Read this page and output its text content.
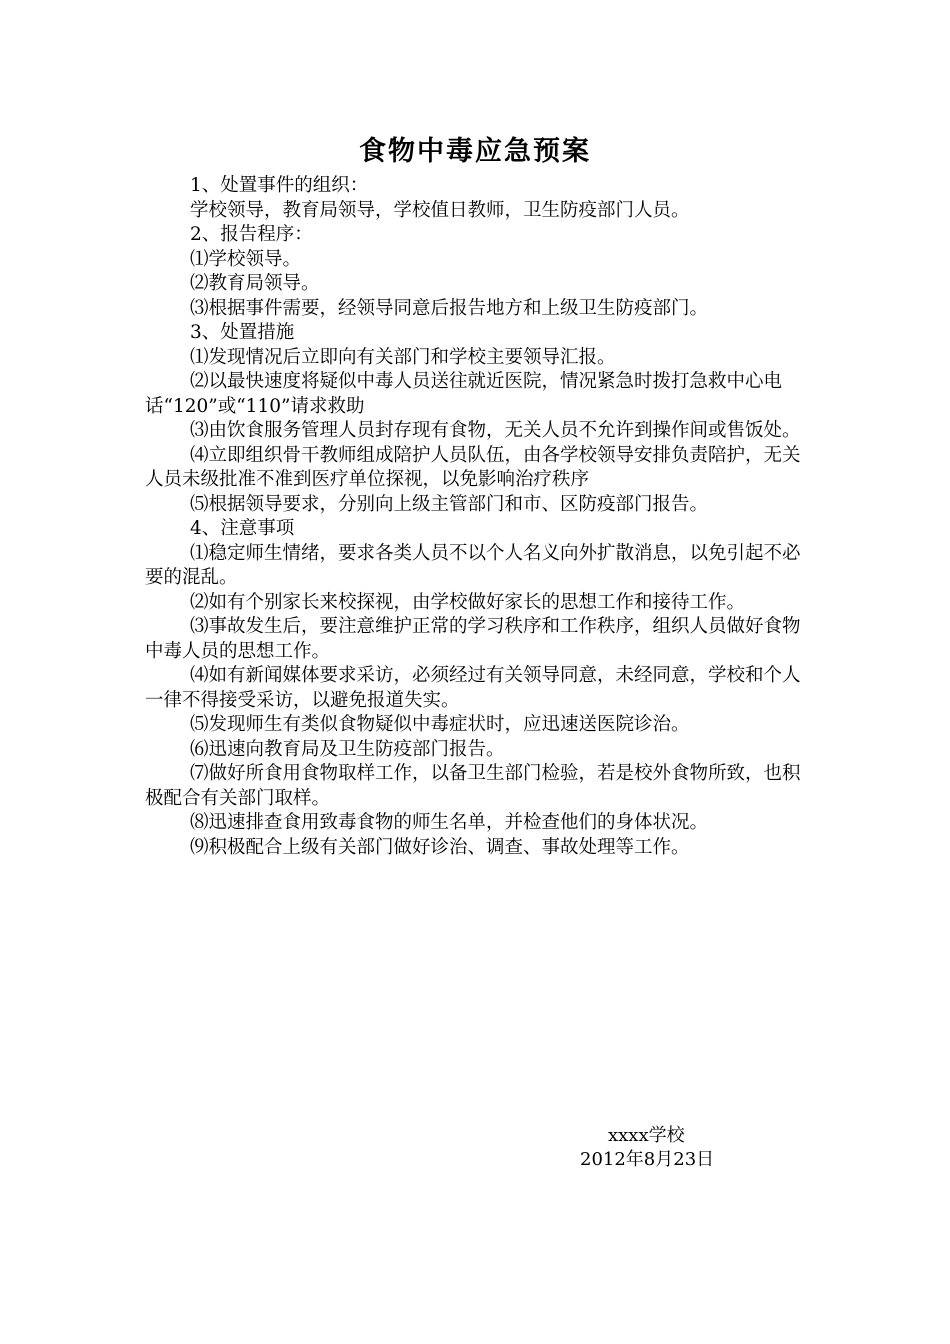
食物中毒应急预案

1、处置事件的组织：

学校领导，教育局领导，学校值日教师，卫生防疫部门人员。

2、报告程序：

⑴学校领导。

⑵教育局领导。

⑶根据事件需要，经领导同意后报告地方和上级卫生防疫部门。

3、处置措施

⑴发现情况后立即向有关部门和学校主要领导汇报。

⑵以最快速度将疑似中毒人员送往就近医院，情况紧急时拨打急救中心电话“120”或“110”请求救助

⑶由饮食服务管理人员封存现有食物，无关人员不允许到操作间或售饭处。

⑷立即组织骨干教师组成陪护人员队伍，由各学校领导安排负责陪护，无关人员未级批准不准到医疗单位探视，以免影响治疗秩序

⑸根据领导要求，分别向上级主管部门和市、区防疫部门报告。

4、注意事项

⑴稳定师生情绪，要求各类人员不以个人名义向外扩散消息，以免引起不必要的混乱。

⑵如有个别家长来校探视，由学校做好家长的思想工作和接待工作。

⑶事故发生后，要注意维护正常的学习秩序和工作秩序，组织人员做好食物中毒人员的思想工作。

⑷如有新闻媒体要求采访，必须经过有关领导同意，未经同意，学校和个人一律不得接受采访，以避免报道失实。

⑸发现师生有类似食物疑似中毒症状时，应迅速送医院诊治。

⑹迅速向教育局及卫生防疫部门报告。

⑺做好所食用食物取样工作，以备卫生部门检验，若是校外食物所致，也积极配合有关部门取样。

⑻迅速排查食用致毒食物的师生名单，并检查他们的身体状况。

⑼积极配合上级有关部门做好诊治、调查、事故处理等工作。

xxxx学校
2012年8月23日
